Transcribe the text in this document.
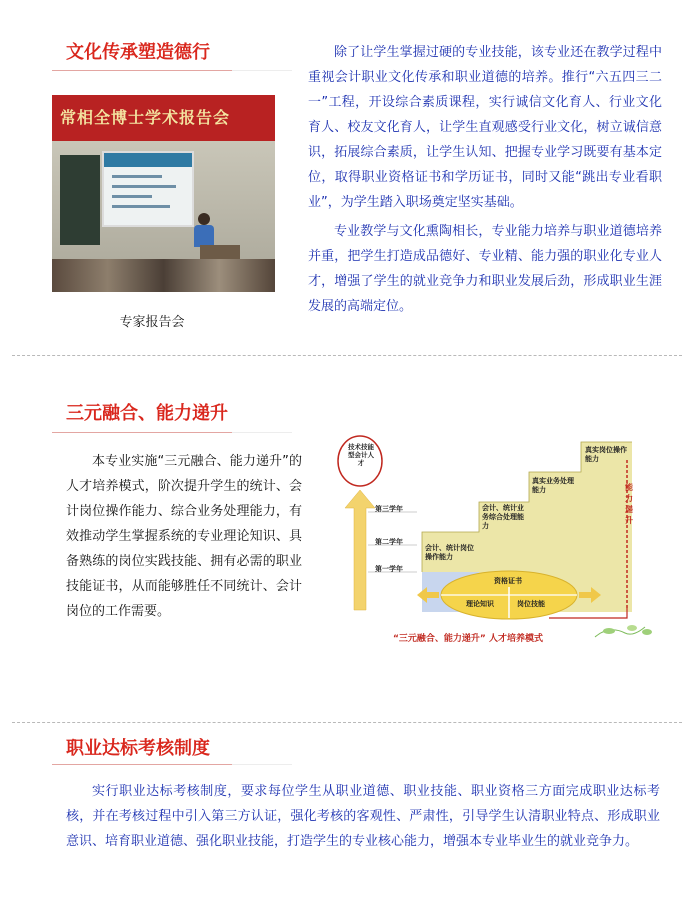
文化传承塑造德行
常相全博士学术报告会
专家报告会
除了让学生掌握过硬的专业技能，该专业还在教学过程中重视会计职业文化传承和职业道德的培养。推行“六五四三二一”工程，开设综合素质课程，实行诚信文化育人、行业文化育人、校友文化育人，让学生直观感受行业文化，树立诚信意识，拓展综合素质，让学生认知、把握专业学习既要有基本定位，取得职业资格证书和学历证书，同时又能“跳出专业看职业”，为学生踏入职场奠定坚实基础。
专业教学与文化熏陶相长，专业能力培养与职业道德培养并重，把学生打造成品德好、专业精、能力强的职业化专业人才，增强了学生的就业竞争力和职业发展后劲，形成职业生涯发展的高端定位。
三元融合、能力递升
本专业实施“三元融合、能力递升”的人才培养模式，阶次提升学生的统计、会计岗位操作能力、综合业务处理能力，有效推动学生掌握系统的专业理论知识、具备熟练的岗位实践技能、拥有必需的职业技能证书，从而能够胜任不同统计、会计岗位的工作需要。
技术技能型会计人才
第三学年
第二学年
第一学年
会计、统计岗位操作能力
会计、统计业务综合处理能力
真实业务处理能力
真实岗位操作能力
能力递升
资格证书
理论知识	岗位技能
“三元融合、能力递升” 人才培养模式
职业达标考核制度
实行职业达标考核制度，要求每位学生从职业道德、职业技能、职业资格三方面完成职业达标考核，并在考核过程中引入第三方认证，强化考核的客观性、严肃性，引导学生认清职业特点、形成职业意识、培育职业道德、强化职业技能，打造学生的专业核心能力，增强本专业毕业生的就业竞争力。
